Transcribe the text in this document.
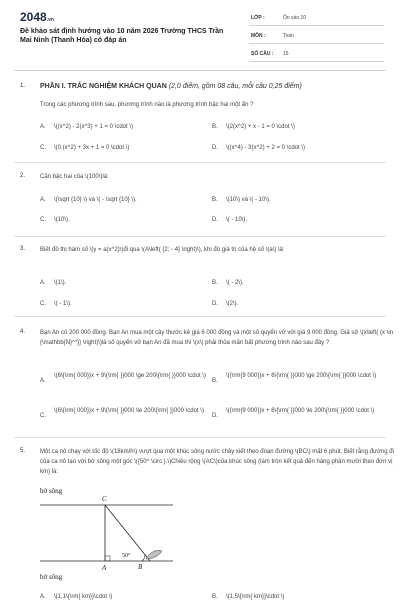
2048.vn
Đề khảo sát định hướng vào 10 năm 2026 Trường THCS Trần Mai Ninh (Thanh Hóa) có đáp án
LỚP :	Ôn vào 10
MÔN :	Toán
SỐ CÂU : 15
1. PHẦN I. TRẮC NGHIỆM KHÁCH QUAN (2,0 điểm, gồm 08 câu, mỗi câu 0,25 điểm)
Trong các phương trình sau, phương trình nào là phương trình bậc hai một ẩn ?
A. \((x^2) - 2(x^3) + 1 = 0 \cdot \)	B. \(2(x^2) + x - 1 = 0 \cdot \)
C. \(0.(x^2) + 3x + 1 = 0 \cdot \)	D. \((x^4) - 3(x^2) + 2 = 0 \cdot \)
2. Căn bậc hai của \(100\)là:
A. \(\sqrt {10} \) và \( - \sqrt {10} \).	B. \(10\) và \( - 10\).
C. \(10\).	D. \( - 10\).
3. Biết đồ thị hàm số \(y = a(x^2)\)đi qua \(A\left( {2; - 4} \right)\), khi đó giá trị của hệ số \(a\) là:
A. \(1\).	B. \( - 2\).
C. \( - 1\).	D. \(2\).
4. Bạn An có 200 000 đồng. Bạn An mua một cây thước kẻ giá 6 000 đồng và một số quyển vở với giá 9 000 đồng. Giả sử \(x\left( {x \in {\mathbb{N}^*}} \right)\)là số quyển vở bạn An đã mua thì \(x\) phải thỏa mãn bất phương trình nào sau đây ?
A.
\(6\{\rm{ 000}}x + 9\{\rm{ }}000 \ge 200\{\rm{ }}000 \cdot \)
B.
\((\rm{9 000}}x + 6\{\rm{ }}000 \ge 200\{\rm{ }}000 \cdot \)
C.
\(6\{\rm{ 000}}x + 9\{\rm{ }}000 \le 200\{\rm{ }}000 \cdot \)
D.
\((\rm{9 000}}x + 6\{\rm{ }}000 \le 200\{\rm{ }}000 \cdot \)
5. Một ca nô chạy với tốc độ \(18km/h\) vượt qua một khúc sông nước chảy xiết theo đoạn đường \(BC\) mất 6 phút. Biết rằng đường đi của ca nô tạo với bờ sông một góc \({50^ \circ }.\)Chiều rộng \(AC\)của khúc sông (làm tròn kết quả đến hàng phần mười theo đơn vị km) là:
bờ sông
C
50°
A	B
bờ sông
A. \(1,1\{\rm{ km}}\cdot \)	B. \(1,5\{\rm{ km}}\cdot \)
